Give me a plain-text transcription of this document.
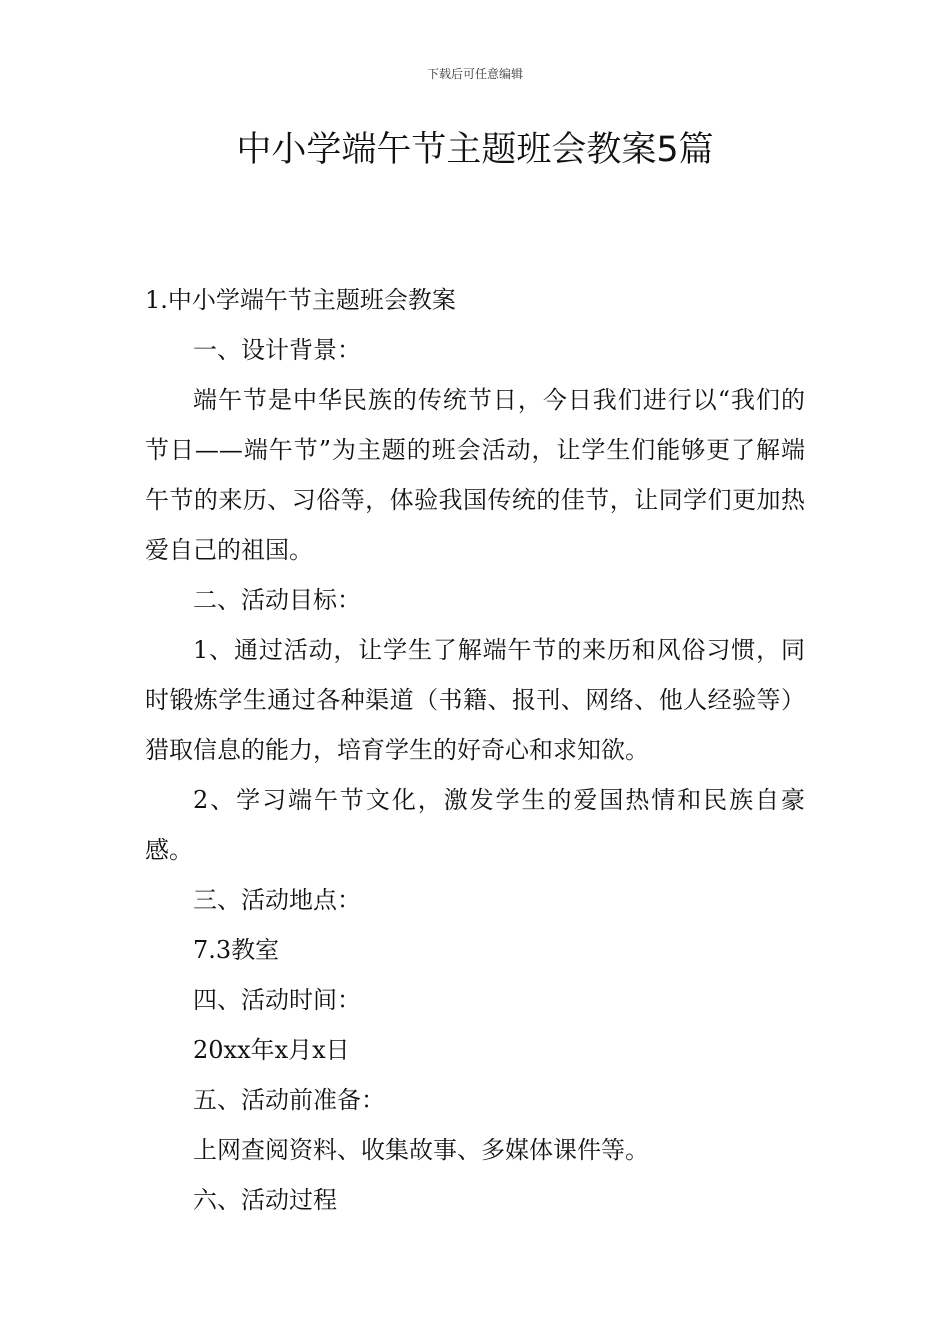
下载后可任意编辑
中小学端午节主题班会教案5篇

1.中小学端午节主题班会教案

一、设计背景：

端午节是中华民族的传统节日，今日我们进行以“我们的节日——端午节”为主题的班会活动，让学生们能够更了解端午节的来历、习俗等，体验我国传统的佳节，让同学们更加热爱自己的祖国。

二、活动目标：

1、通过活动，让学生了解端午节的来历和风俗习惯，同时锻炼学生通过各种渠道（书籍、报刊、网络、他人经验等）猎取信息的能力，培育学生的好奇心和求知欲。

2、学习端午节文化，激发学生的爱国热情和民族自豪感。

三、活动地点：

7.3教室

四、活动时间：

20xx年x月x日

五、活动前准备：

上网查阅资料、收集故事、多媒体课件等。

六、活动过程
